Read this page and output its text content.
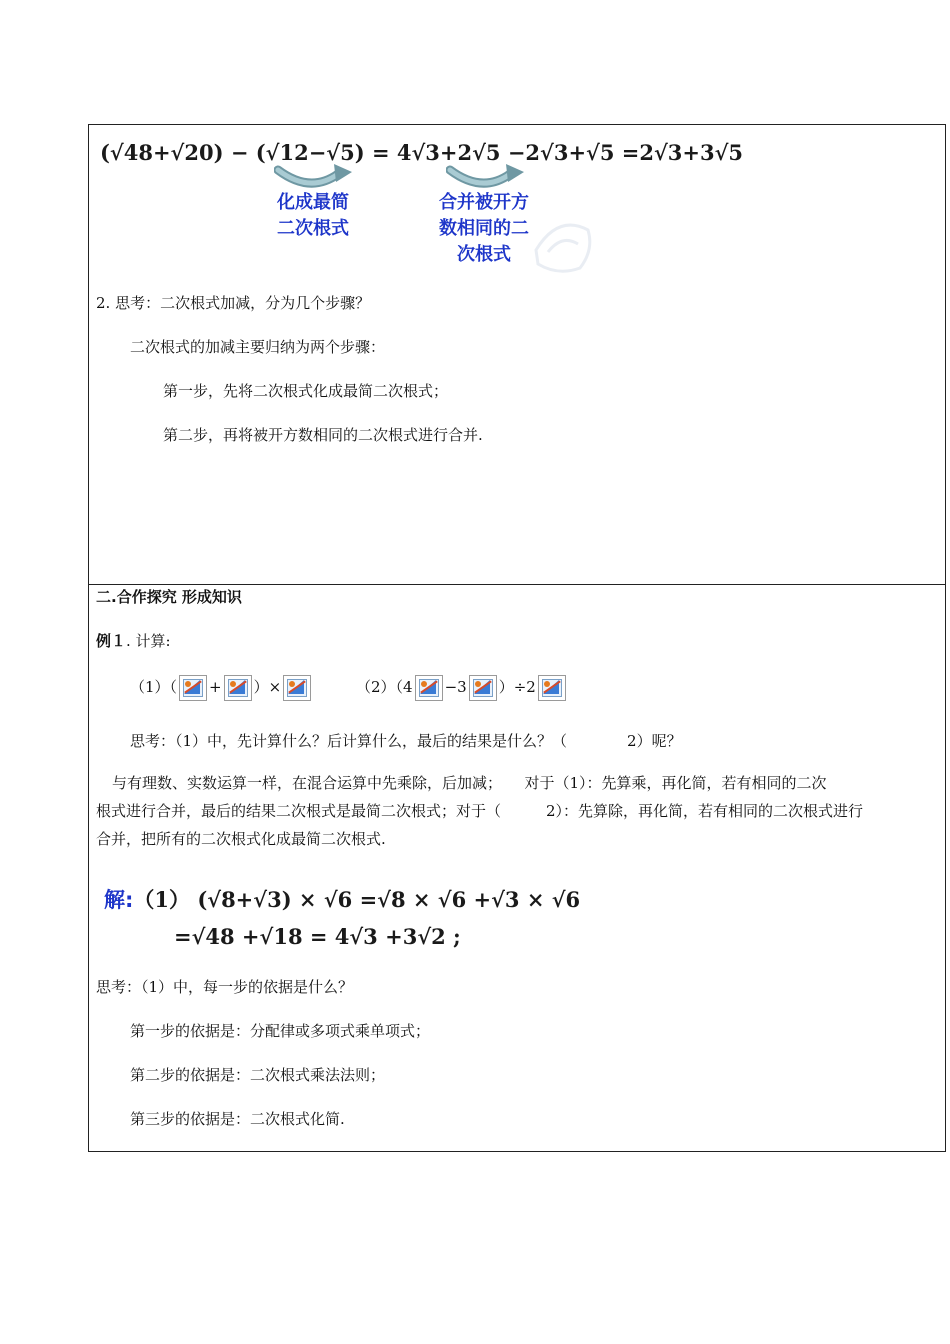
(√48+√20) − (√12−√5) = 4√3+2√5 −2√3+√5 =2√3+3√5
化成最简二次根式
合并被开方数相同的二次根式
2. 思考：二次根式加减，分为几个步骤？
二次根式的加减主要归纳为两个步骤：
第一步，先将二次根式化成最简二次根式；
第二步，再将被开方数相同的二次根式进行合并.
二.合作探究 形成知识
例１. 计算:
（1）（ + ）×	（2）（4 −3 ）÷2
思考：（1）中，先计算什么？后计算什么，最后的结果是什么？（　　　　2）呢？
与有理数、实数运算一样，在混合运算中先乘除，后加减；　　对于（1）：先算乘，再化简，若有相同的二次
根式进行合并，最后的结果二次根式是最简二次根式；对于（　　　2）：先算除，再化简，若有相同的二次根式进行
合并，把所有的二次根式化成最简二次根式.
解:（1） (√8+√3) × √6 =√8 × √6 +√3 × √6
=√48 +√18 = 4√3 +3√2 ;
思考：（1）中，每一步的依据是什么？
第一步的依据是：分配律或多项式乘单项式；
第二步的依据是：二次根式乘法法则；
第三步的依据是：二次根式化简.
